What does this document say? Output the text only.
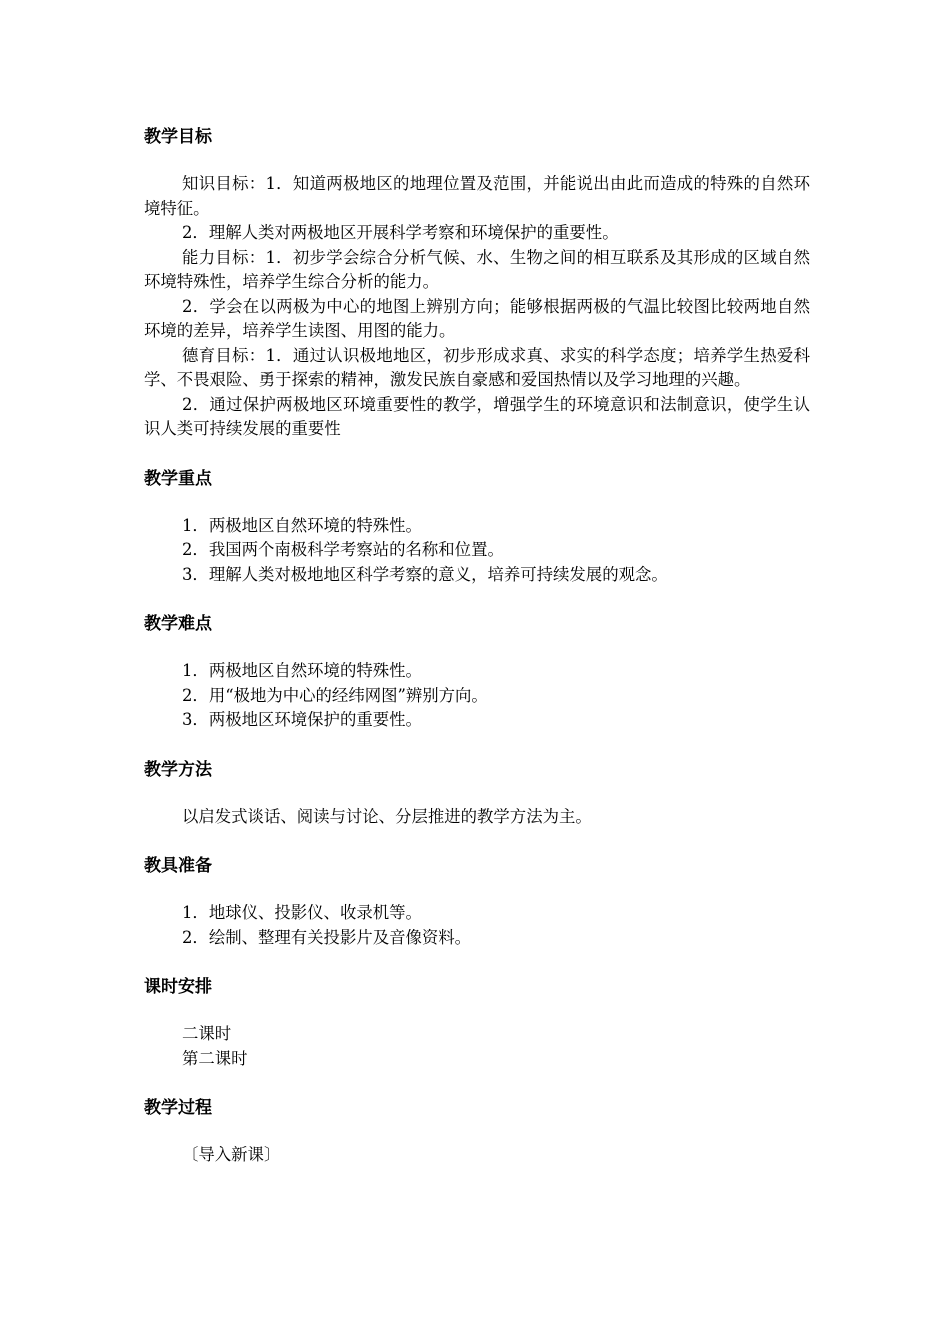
教学目标

知识目标：1．知道两极地区的地理位置及范围，并能说出由此而造成的特殊的自然环境特征。

2．理解人类对两极地区开展科学考察和环境保护的重要性。

能力目标：1．初步学会综合分析气候、水、生物之间的相互联系及其形成的区域自然环境特殊性，培养学生综合分析的能力。

2．学会在以两极为中心的地图上辨别方向；能够根据两极的气温比较图比较两地自然环境的差异，培养学生读图、用图的能力。

德育目标：1．通过认识极地地区，初步形成求真、求实的科学态度；培养学生热爱科学、不畏艰险、勇于探索的精神，激发民族自豪感和爱国热情以及学习地理的兴趣。

2．通过保护两极地区环境重要性的教学，增强学生的环境意识和法制意识，使学生认识人类可持续发展的重要性

教学重点

1．两极地区自然环境的特殊性。

2．我国两个南极科学考察站的名称和位置。

3．理解人类对极地地区科学考察的意义，培养可持续发展的观念。

教学难点

1．两极地区自然环境的特殊性。

2．用“极地为中心的经纬网图”辨别方向。

3．两极地区环境保护的重要性。

教学方法

以启发式谈话、阅读与讨论、分层推进的教学方法为主。

教具准备

1．地球仪、投影仪、收录机等。

2．绘制、整理有关投影片及音像资料。

课时安排

二课时

第二课时

教学过程

〔导入新课〕
